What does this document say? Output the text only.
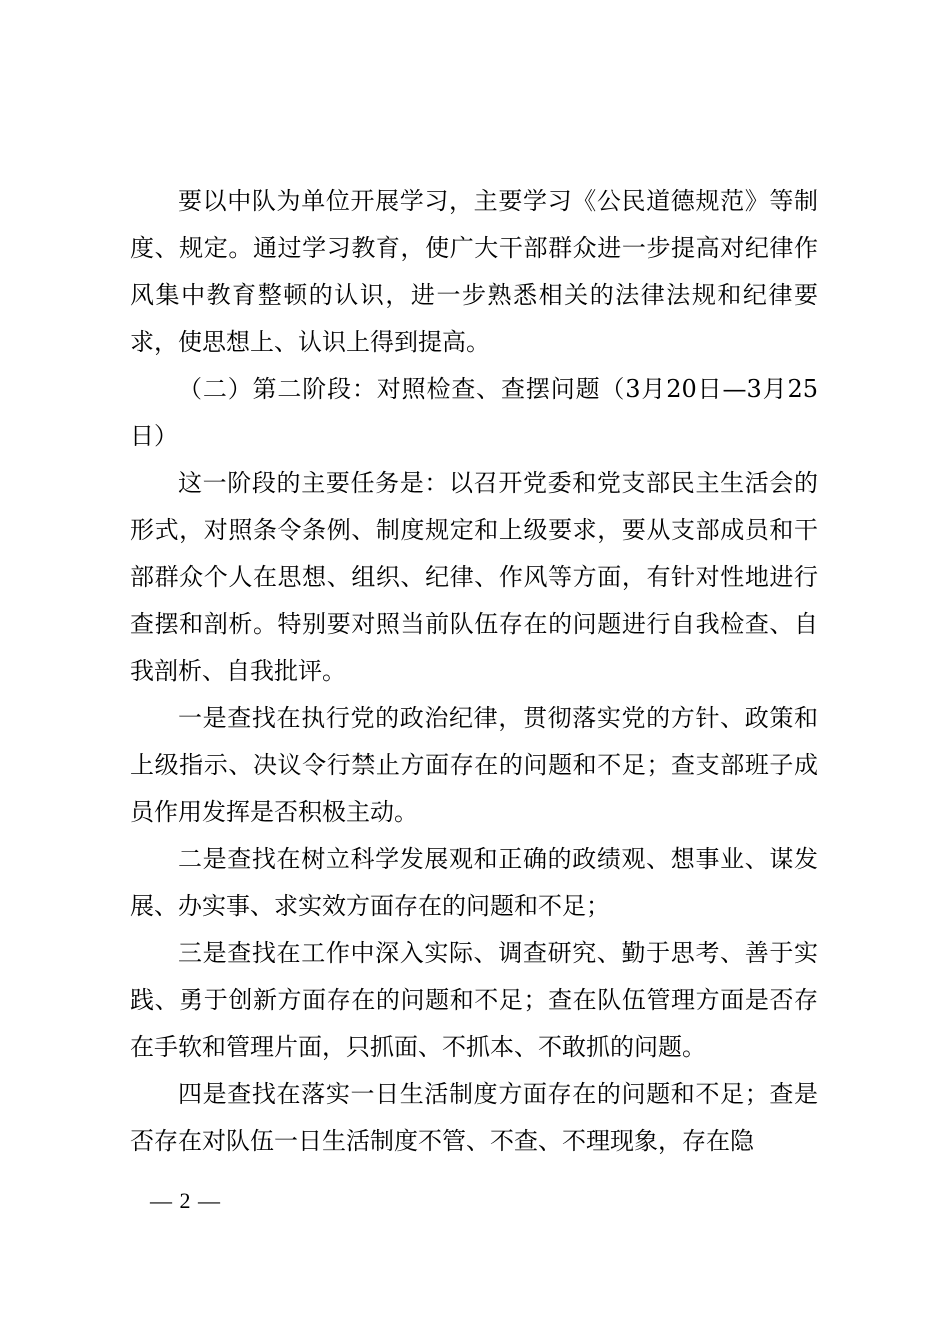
要以中队为单位开展学习，主要学习《公民道德规范》等制度、规定。通过学习教育，使广大干部群众进一步提高对纪律作风集中教育整顿的认识，进一步熟悉相关的法律法规和纪律要求，使思想上、认识上得到提高。

（二）第二阶段：对照检查、查摆问题（3月20日—3月25日）

这一阶段的主要任务是：以召开党委和党支部民主生活会的形式，对照条令条例、制度规定和上级要求，要从支部成员和干部群众个人在思想、组织、纪律、作风等方面，有针对性地进行查摆和剖析。特别要对照当前队伍存在的问题进行自我检查、自我剖析、自我批评。

一是查找在执行党的政治纪律，贯彻落实党的方针、政策和上级指示、决议令行禁止方面存在的问题和不足；查支部班子成员作用发挥是否积极主动。

二是查找在树立科学发展观和正确的政绩观、想事业、谋发展、办实事、求实效方面存在的问题和不足；

三是查找在工作中深入实际、调查研究、勤于思考、善于实践、勇于创新方面存在的问题和不足；查在队伍管理方面是否存在手软和管理片面，只抓面、不抓本、不敢抓的问题。

四是查找在落实一日生活制度方面存在的问题和不足；查是否存在对队伍一日生活制度不管、不查、不理现象，存在隐

— 2 —
